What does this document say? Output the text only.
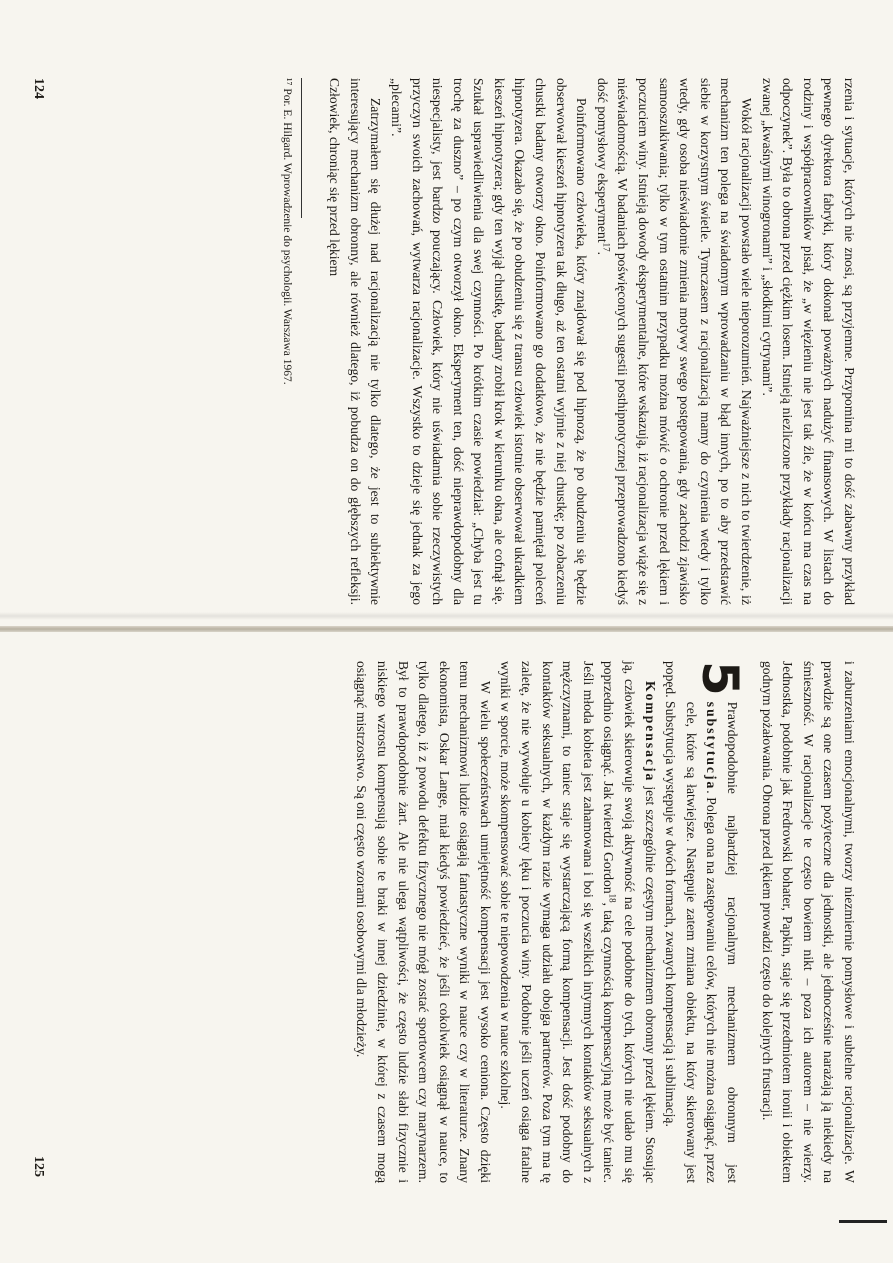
rzenia i sytuacje, których nie znosi, są przyjemne. Przypomina mi to dość zabawny przykład pewnego dyrektora fabryki, który dokonał poważnych nadużyć finansowych. W listach do rodziny i współpracowników pisał, że „w więzieniu nie jest tak źle, że w końcu ma czas na odpoczynek”. Była to obrona przed ciężkim losem. Istnieją niezliczone przykłady racjonalizacji zwanej „kwaśnymi winogronami” i „słodkimi cytrynami”.

Wokół racjonalizacji powstało wiele nieporozumień. Najważniejsze z nich to twierdzenie, iż mechanizm ten polega na świadomym wprowadzaniu w błąd innych, po to aby przedstawić siebie w korzystnym świetle. Tymczasem z racjonalizacją mamy do czynienia wtedy i tylko wtedy, gdy osoba nieświadomie zmienia motywy swego postępowania, gdy zachodzi zjawisko samooszukiwania; tylko w tym ostatnim przypadku można mówić o ochronie przed lękiem i poczuciem winy. Istnieją dowody eksperymentalne, które wskazują, iż racjonalizacja wiąże się z nieświadomością. W badaniach poświęconych sugestii posthipnotycznej przeprowadzono kiedyś dość pomysłowy eksperyment$^{17}$.

Poinformowano człowieka, który znajdował się pod hipnozą, że po obudzeniu się będzie obserwował kieszeń hipnotyzera tak długo, aż ten ostatni wyjmie z niej chustkę; po zobaczeniu chustki badany otworzy okno. Poinformowano go dodatkowo, że nie będzie pamiętał poleceń hipnotyzera. Okazało się, że po obudzeniu się z transu człowiek istotnie obserwował ukradkiem kieszeń hipnotyzera; gdy ten wyjął chustkę, badany zrobił krok w kierunku okna, ale cofnął się. Szukał usprawiedliwienia dla swej czynności. Po krótkim czasie powiedział: „Chyba jest tu trochę za duszno” – po czym otworzył okno. Eksperyment ten, dość nieprawdopodobny dla niespecjalisty, jest bardzo pouczający. Człowiek, który nie uświadamia sobie rzeczywistych przyczyn swoich zachowań, wytwarza racjonalizacje. Wszystko to dzieje się jednak za jego „plecami”.

Zatrzymałem się dłużej nad racjonalizacją nie tylko dlatego, że jest to subiektywnie interesujący mechanizm obronny, ale również dlatego, iż pobudza on do głębszych refleksji. Człowiek, chroniąc się przed lękiem

¹⁷ Por. E. Hilgard. Wprowadzenie do psychologii. Warszawa 1967.

124

i zaburzeniami emocjonalnymi, tworzy niezmiernie pomysłowe i subtelne racjonalizacje. W prawdzie są one czasem pożyteczne dla jednostki, ale jednocześnie narażają ją niekiedy na śmieszność. W racjonalizacje te często bowiem nikt – poza ich autorem – nie wierzy. Jednostka, podobnie jak Fredrowski bohater, Papkin, staje się przedmiotem ironii i obiektem godnym pożałowania. Obrona przed lękiem prowadzi często do kolejnych frustracji.

5
Prawdopodobnie najbardziej racjonalnym mechanizmem obronnym jest substytucja. Polega ona na zastępowaniu celów, których nie można osiągnąć, przez cele, które są łatwiejsze. Następuje zatem zmiana obiektu, na który skierowany jest popęd. Substytucja występuje w dwóch formach, zwanych kompensacją i sublimacją.

Kompensacja jest szczególnie częstym mechanizmem obronny przed lękiem. Stosując ją, człowiek skierowuje swoją aktywność na cele podobne do tych, których nie udało mu się poprzednio osiągnąć. Jak twierdzi Gordon$^{18}$, taką czynnością kompensacyjną może być taniec. Jeśli młoda kobieta jest zahamowana i boi się wszelkich intymnych kontaktów seksualnych z mężczyznami, to taniec staje się wystarczającą formą kompensacji. Jest dość podobny do kontaktów seksualnych, w każdym razie wymaga udziału obojga partnerów. Poza tym ma tę zaletę, że nie wywołuje u kobiety lęku i poczucia winy. Podobnie jeśli uczeń osiąga fatalne wyniki w sporcie, może skompensować sobie te niepowodzenia w nauce szkolnej.

W wielu społeczeństwach umiejętność kompensacji jest wysoko ceniona. Często dzięki temu mechanizmowi ludzie osiągają fantastyczne wyniki w nauce czy w literaturze. Znany ekonomista, Oskar Lange, miał kiedyś powiedzieć, że jeśli cokolwiek osiągnął w nauce, to tylko dlatego, iż z powodu defektu fizycznego nie mógł zostać sportowcem czy marynarzem. Był to prawdopodobnie żart. Ale nie ulega wątpliwości, że często ludzie słabi fizycznie i niskiego wzrostu kompensują sobie te braki w innej dziedzinie, w której z czasem mogą osiągnąć mistrzostwo. Są oni często wzorami osobowymi dla młodzieży.

125
